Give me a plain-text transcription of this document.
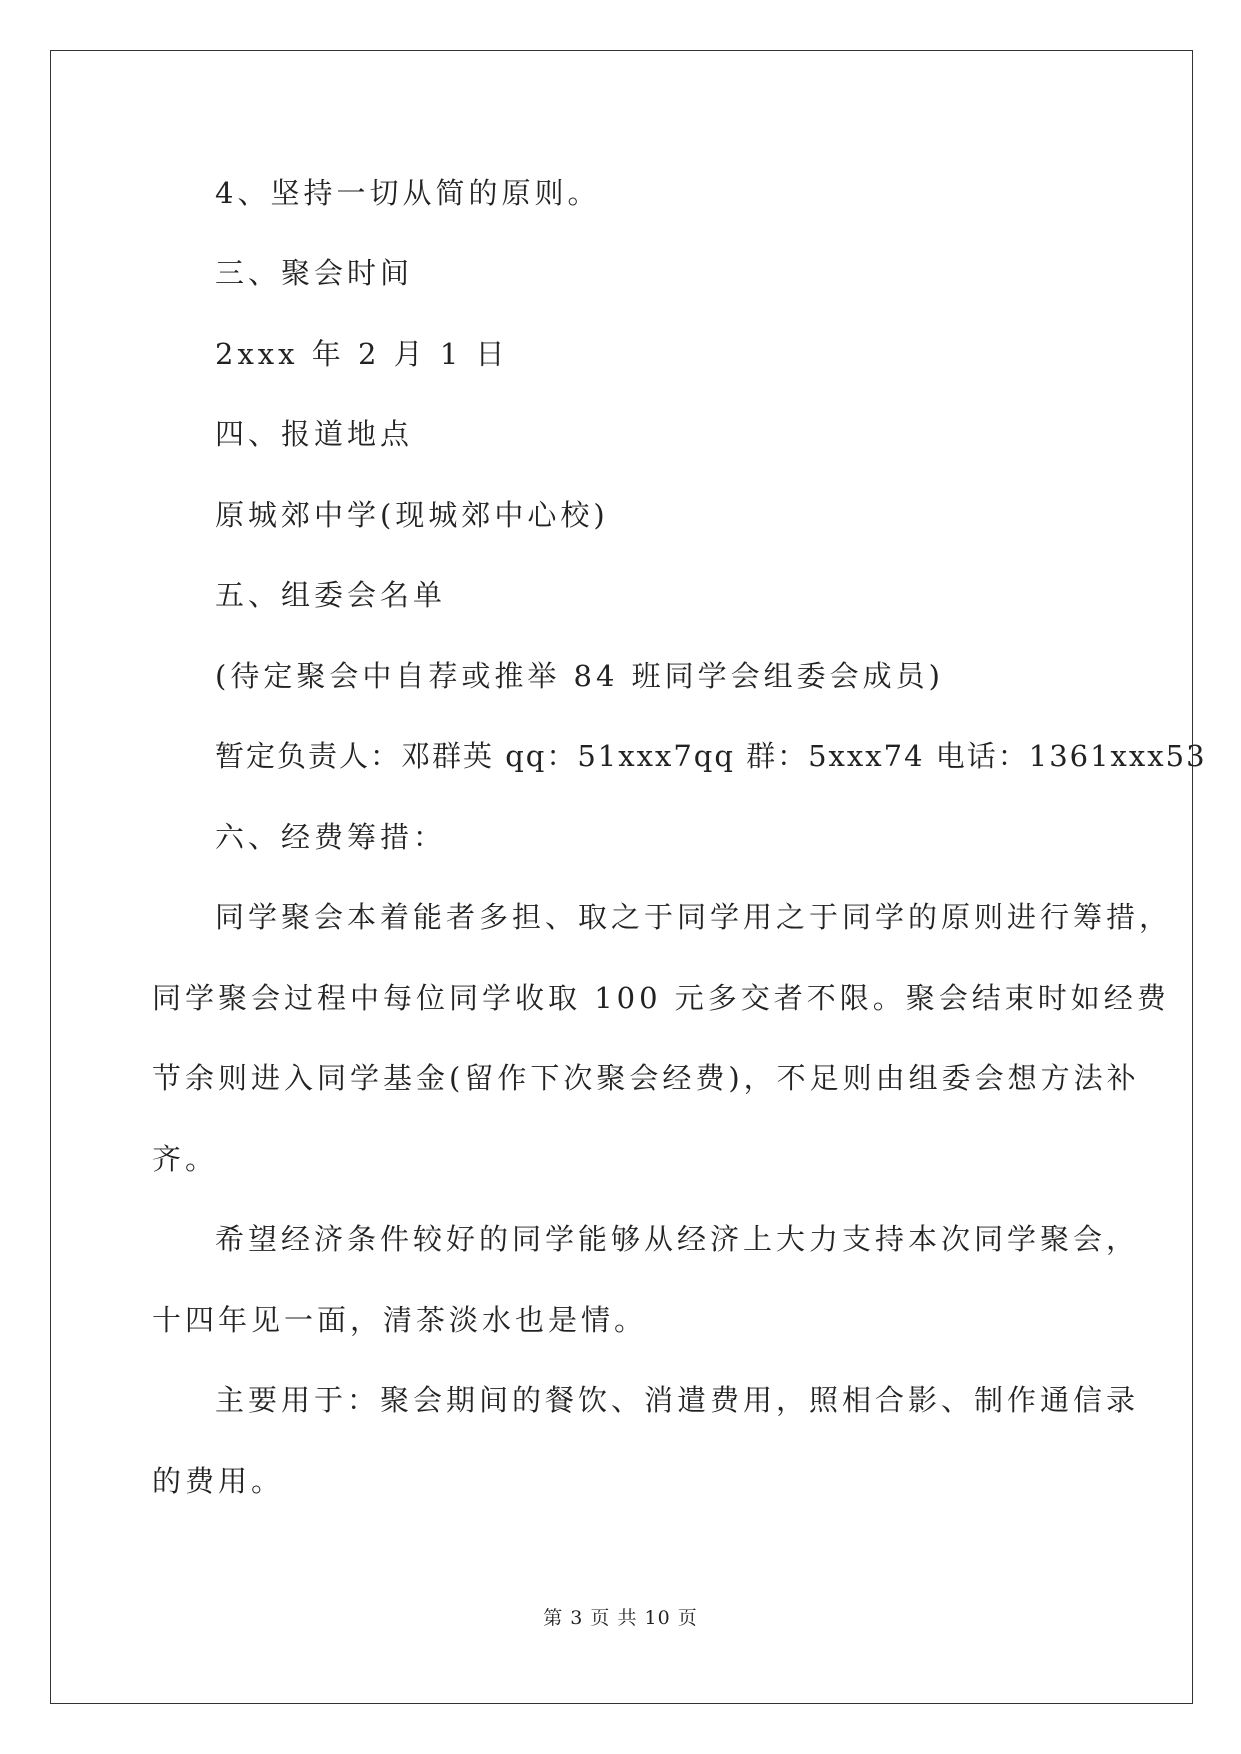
4、坚持一切从简的原则。
三、聚会时间
2xxx 年 2 月 1 日
四、报道地点
原城郊中学(现城郊中心校)
五、组委会名单
(待定聚会中自荐或推举 84 班同学会组委会成员)
暂定负责人：邓群英 qq：51xxx7qq 群：5xxx74 电话：1361xxx53
六、经费筹措：
同学聚会本着能者多担、取之于同学用之于同学的原则进行筹措，
同学聚会过程中每位同学收取 100 元多交者不限。聚会结束时如经费
节余则进入同学基金(留作下次聚会经费)，不足则由组委会想方法补
齐。
希望经济条件较好的同学能够从经济上大力支持本次同学聚会，
十四年见一面，清茶淡水也是情。
主要用于：聚会期间的餐饮、消遣费用，照相合影、制作通信录
的费用。
第 3 页 共 10 页
